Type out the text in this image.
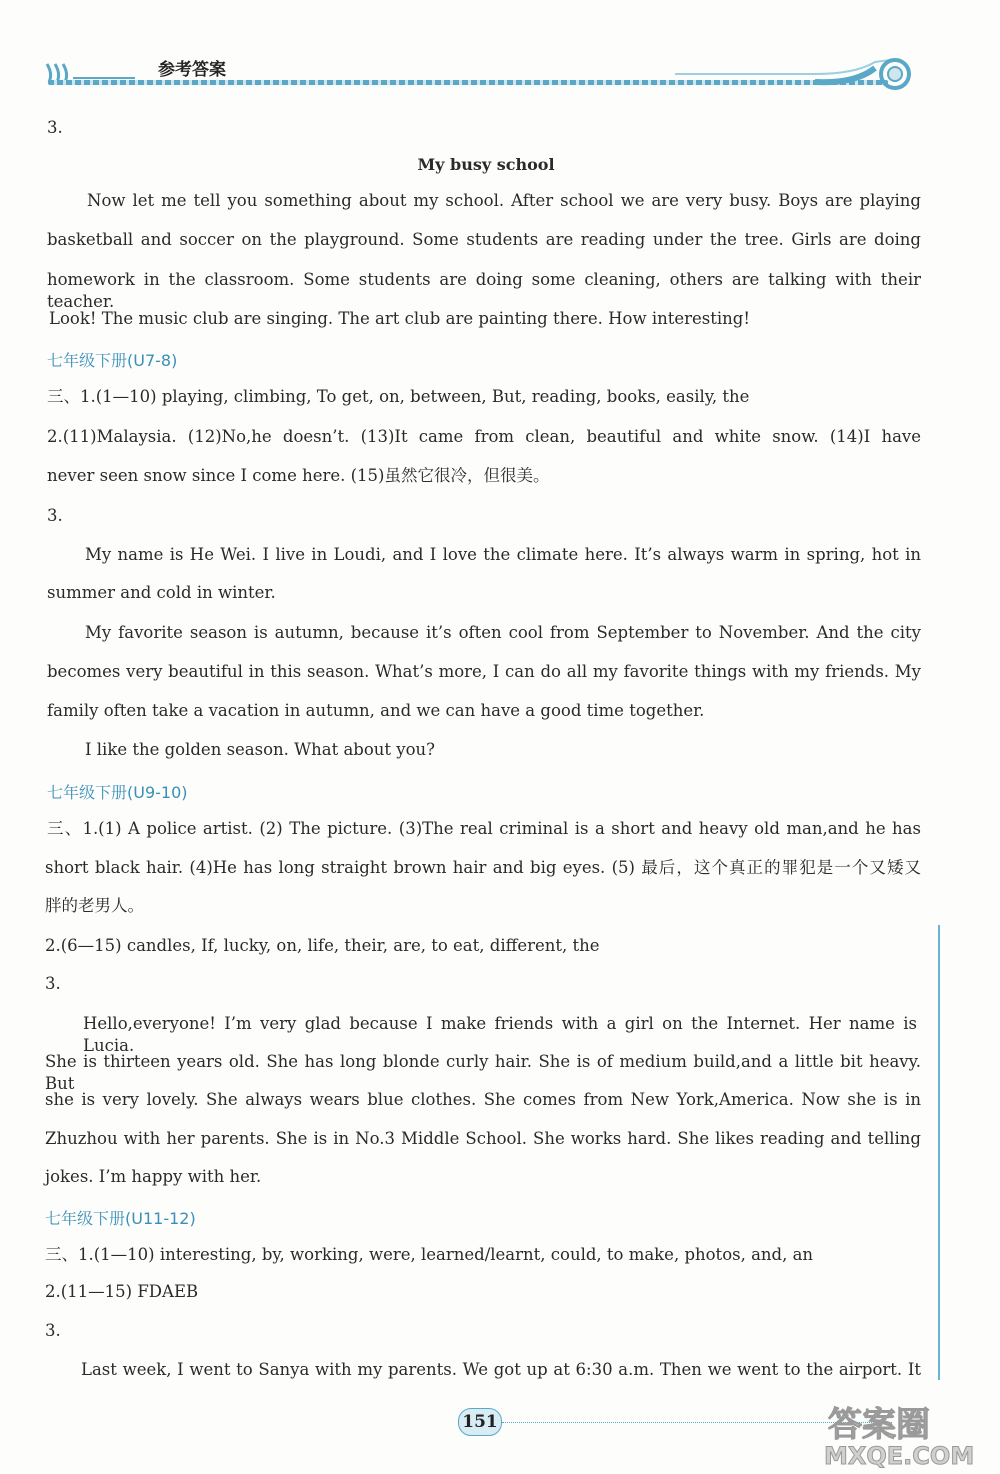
参考答案
3.
My busy school
Now let me tell you something about my school. After school we are very busy. Boys are playing
basketball and soccer on the playground. Some students are reading under the tree. Girls are doing
homework in the classroom. Some students are doing some cleaning, others are talking with their teacher.
Look! The music club are singing. The art club are painting there. How interesting!
七年级下册(U7-8)
三、1.(1—10) playing, climbing, To get, on, between, But, reading, books, easily, the
2.(11)Malaysia. (12)No,he doesn’t. (13)It came from clean, beautiful and white snow. (14)I have
never seen snow since I come here. (15)虽然它很冷，但很美。
3.
My name is He Wei. I live in Loudi, and I love the climate here. It’s always warm in spring, hot in
summer and cold in winter.
My favorite season is autumn, because it’s often cool from September to November. And the city
becomes very beautiful in this season. What’s more, I can do all my favorite things with my friends. My
family often take a vacation in autumn, and we can have a good time together.
I like the golden season. What about you?
七年级下册(U9-10)
三、1.(1) A police artist. (2) The picture. (3)The real criminal is a short and heavy old man,and he has
short black hair. (4)He has long straight brown hair and big eyes. (5) 最后，这个真正的罪犯是一个又矮又
胖的老男人。
2.(6—15) candles, If, lucky, on, life, their, are, to eat, different, the
3.
Hello,everyone! I’m very glad because I make friends with a girl on the Internet. Her name is Lucia.
She is thirteen years old. She has long blonde curly hair. She is of medium build,and a little bit heavy. But
she is very lovely. She always wears blue clothes. She comes from New York,America. Now she is in
Zhuzhou with her parents. She is in No.3 Middle School. She works hard. She likes reading and telling
jokes. I’m happy with her.
七年级下册(U11-12)
三、1.(1—10) interesting, by, working, were, learned/learnt, could, to make, photos, and, an
2.(11—15) FDAEB
3.
Last week, I went to Sanya with my parents. We got up at 6:30 a.m. Then we went to the airport. It
151	答案圈
MXQE.COM
